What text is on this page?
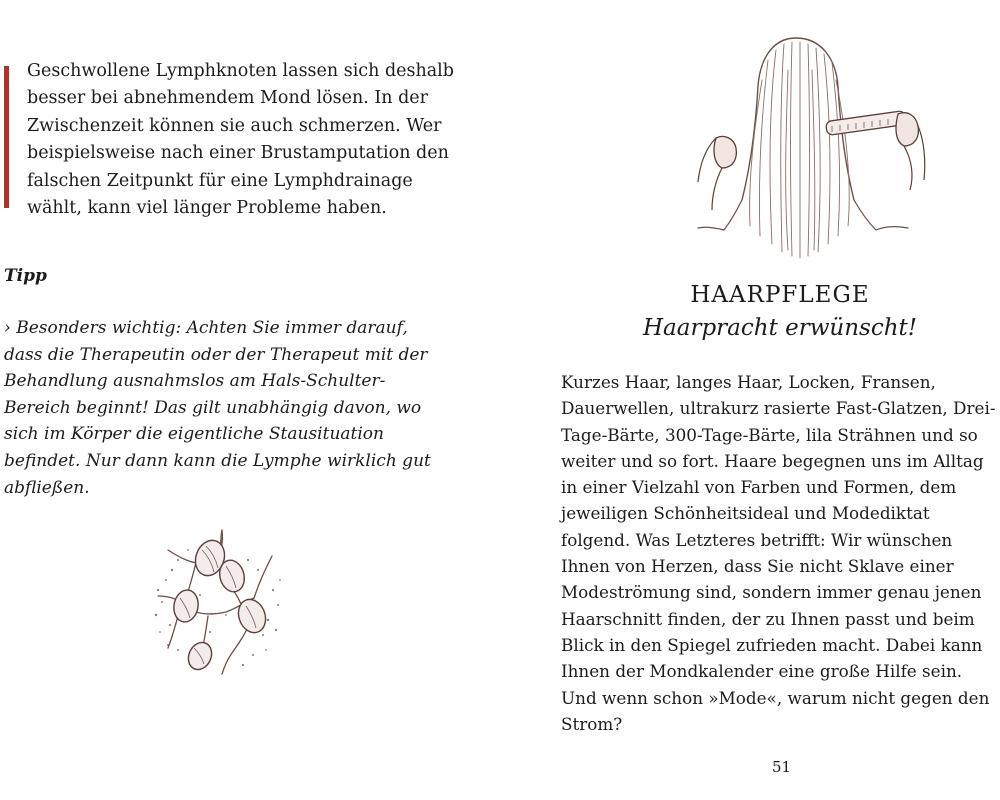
Geschwollene Lymphknoten lassen sich deshalb besser bei abnehmendem Mond lösen. In der Zwischenzeit können sie auch schmerzen. Wer beispielsweise nach einer Brustamputation den falschen Zeitpunkt für eine Lymphdrainage wählt, kann viel länger Probleme haben.

Tipp

› Besonders wichtig: Achten Sie immer darauf, dass die Therapeutin oder der Therapeut mit der Behandlung ausnahmslos am Hals-Schulter-Bereich beginnt! Das gilt unabhängig davon, wo sich im Körper die eigentliche Stausituation befindet. Nur dann kann die Lymphe wirklich gut abfließen.

HAARPFLEGE
Haarpracht erwünscht!

Kurzes Haar, langes Haar, Locken, Fransen, Dauerwellen, ultrakurz rasierte Fast-Glatzen, Drei-Tage-Bärte, 300-Tage-Bärte, lila Strähnen und so weiter und so fort. Haare begegnen uns im Alltag in einer Vielzahl von Farben und Formen, dem jeweiligen Schönheitsideal und Modediktat folgend. Was Letzteres betrifft: Wir wünschen Ihnen von Herzen, dass Sie nicht Sklave einer Modeströmung sind, sondern immer genau jenen Haarschnitt finden, der zu Ihnen passt und beim Blick in den Spiegel zufrieden macht. Dabei kann Ihnen der Mondkalender eine große Hilfe sein. Und wenn schon »Mode«, warum nicht gegen den Strom?

51
